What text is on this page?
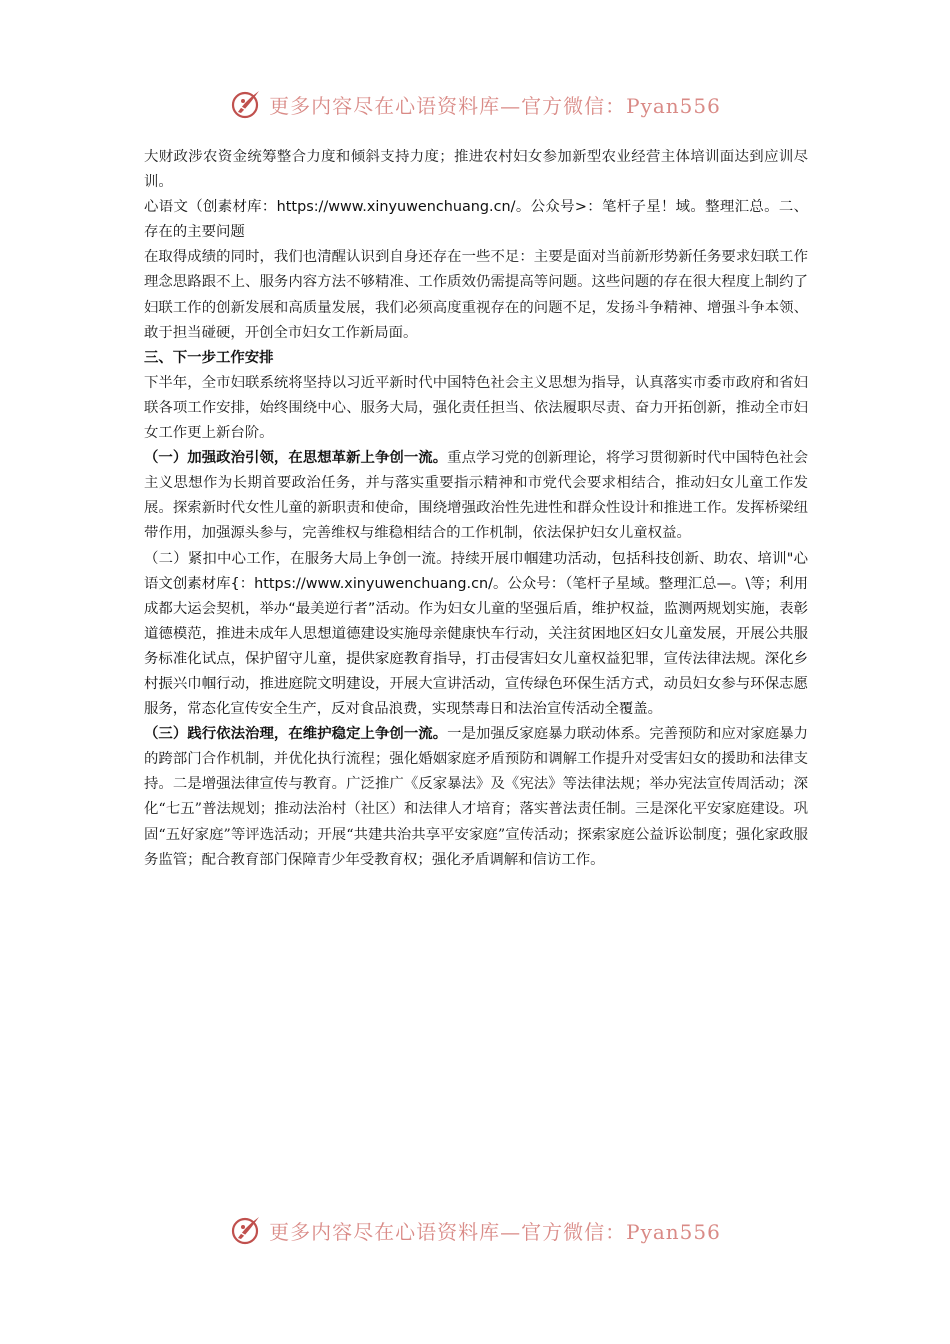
更多内容尽在心语资料库—官方微信：Pyan556

大财政涉农资金统筹整合力度和倾斜支持力度；推进农村妇女参加新型农业经营主体培训面达到应训尽训。

心语文（创素材库：https://www.xinyuwenchuang.cn/。公众号>：笔杆子星！域。整理汇总。二、存在的主要问题

在取得成绩的同时，我们也清醒认识到自身还存在一些不足：主要是面对当前新形势新任务要求妇联工作理念思路跟不上、服务内容方法不够精准、工作质效仍需提高等问题。这些问题的存在很大程度上制约了妇联工作的创新发展和高质量发展，我们必须高度重视存在的问题不足，发扬斗争精神、增强斗争本领、敢于担当碰硬，开创全市妇女工作新局面。

三、下一步工作安排

下半年，全市妇联系统将坚持以习近平新时代中国特色社会主义思想为指导，认真落实市委市政府和省妇联各项工作安排，始终围绕中心、服务大局，强化责任担当、依法履职尽责、奋力开拓创新，推动全市妇女工作更上新台阶。

（一）加强政治引领，在思想革新上争创一流。重点学习党的创新理论，将学习贯彻新时代中国特色社会主义思想作为长期首要政治任务，并与落实重要指示精神和市党代会要求相结合，推动妇女儿童工作发展。探索新时代女性儿童的新职责和使命，围绕增强政治性先进性和群众性设计和推进工作。发挥桥梁纽带作用，加强源头参与，完善维权与维稳相结合的工作机制，依法保护妇女儿童权益。

（二）紧扣中心工作，在服务大局上争创一流。持续开展巾帼建功活动，包括科技创新、助农、培训"心语文创素材库{：https://www.xinyuwenchuang.cn/。公众号：（笔杆子星域。整理汇总—。\等；利用成都大运会契机，举办“最美逆行者”活动。作为妇女儿童的坚强后盾，维护权益，监测两规划实施，表彰道德模范，推进未成年人思想道德建设实施母亲健康快车行动，关注贫困地区妇女儿童发展，开展公共服务标准化试点，保护留守儿童，提供家庭教育指导，打击侵害妇女儿童权益犯罪，宣传法律法规。深化乡村振兴巾帼行动，推进庭院文明建设，开展大宣讲活动，宣传绿色环保生活方式，动员妇女参与环保志愿服务，常态化宣传安全生产，反对食品浪费，实现禁毒日和法治宣传活动全覆盖。

（三）践行依法治理，在维护稳定上争创一流。一是加强反家庭暴力联动体系。完善预防和应对家庭暴力的跨部门合作机制，并优化执行流程；强化婚姻家庭矛盾预防和调解工作提升对受害妇女的援助和法律支持。二是增强法律宣传与教育。广泛推广《反家暴法》及《宪法》等法律法规；举办宪法宣传周活动；深化“七五”普法规划；推动法治村（社区）和法律人才培育；落实普法责任制。三是深化平安家庭建设。巩固“五好家庭”等评选活动；开展“共建共治共享平安家庭”宣传活动；探索家庭公益诉讼制度；强化家政服务监管；配合教育部门保障青少年受教育权；强化矛盾调解和信访工作。

更多内容尽在心语资料库—官方微信：Pyan556
